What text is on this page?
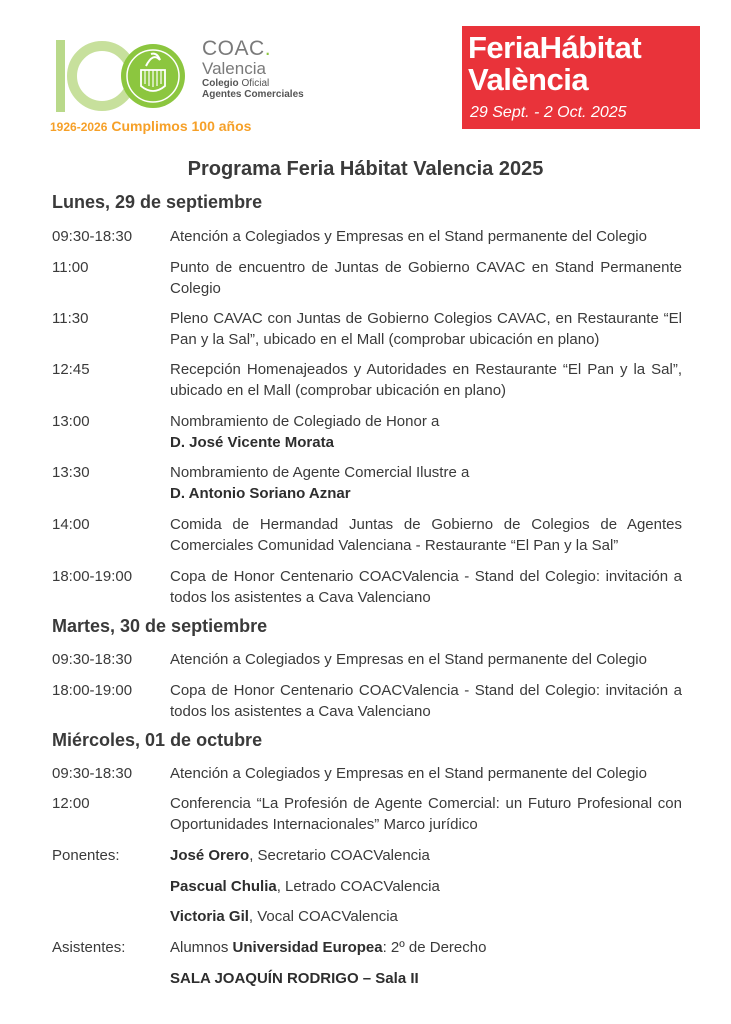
COAC.
Valencia
Colegio Oficial
Agentes Comerciales
1926-2026 Cumplimos 100 años
FeriaHábitat
València
29 Sept. - 2 Oct. 2025
Programa Feria Hábitat Valencia 2025
Lunes, 29 de septiembre
09:30-18:30	Atención a Colegiados y Empresas en el Stand permanente del Colegio
11:00	Punto de encuentro de Juntas de Gobierno CAVAC en Stand Permanente Colegio
11:30	Pleno CAVAC con Juntas de Gobierno Colegios CAVAC, en Restaurante “El Pan y la Sal”, ubicado en el Mall (comprobar ubicación en plano)
12:45	Recepción Homenajeados y Autoridades en Restaurante “El Pan y la Sal”, ubicado en el Mall (comprobar ubicación en plano)
13:00	Nombramiento de Colegiado de Honor a
D. José Vicente Morata
13:30	Nombramiento de Agente Comercial Ilustre a
D. Antonio Soriano Aznar
14:00	Comida de Hermandad Juntas de Gobierno de Colegios de Agentes Comerciales Comunidad Valenciana - Restaurante “El Pan y la Sal”
18:00-19:00	Copa de Honor Centenario COACValencia - Stand del Colegio: invitación a todos los asistentes a Cava Valenciano
Martes, 30 de septiembre
09:30-18:30	Atención a Colegiados y Empresas en el Stand permanente del Colegio
18:00-19:00	Copa de Honor Centenario COACValencia - Stand del Colegio: invitación a todos los asistentes a Cava Valenciano
Miércoles, 01 de octubre
09:30-18:30	Atención a Colegiados y Empresas en el Stand permanente del Colegio
12:00	Conferencia “La Profesión de Agente Comercial: un Futuro Profesional con Oportunidades Internacionales” Marco jurídico
Ponentes:	José Orero, Secretario COACValencia
Pascual Chulia, Letrado COACValencia
Victoria Gil, Vocal COACValencia
Asistentes:	Alumnos Universidad Europea: 2º de Derecho
SALA JOAQUÍN RODRIGO – Sala II
